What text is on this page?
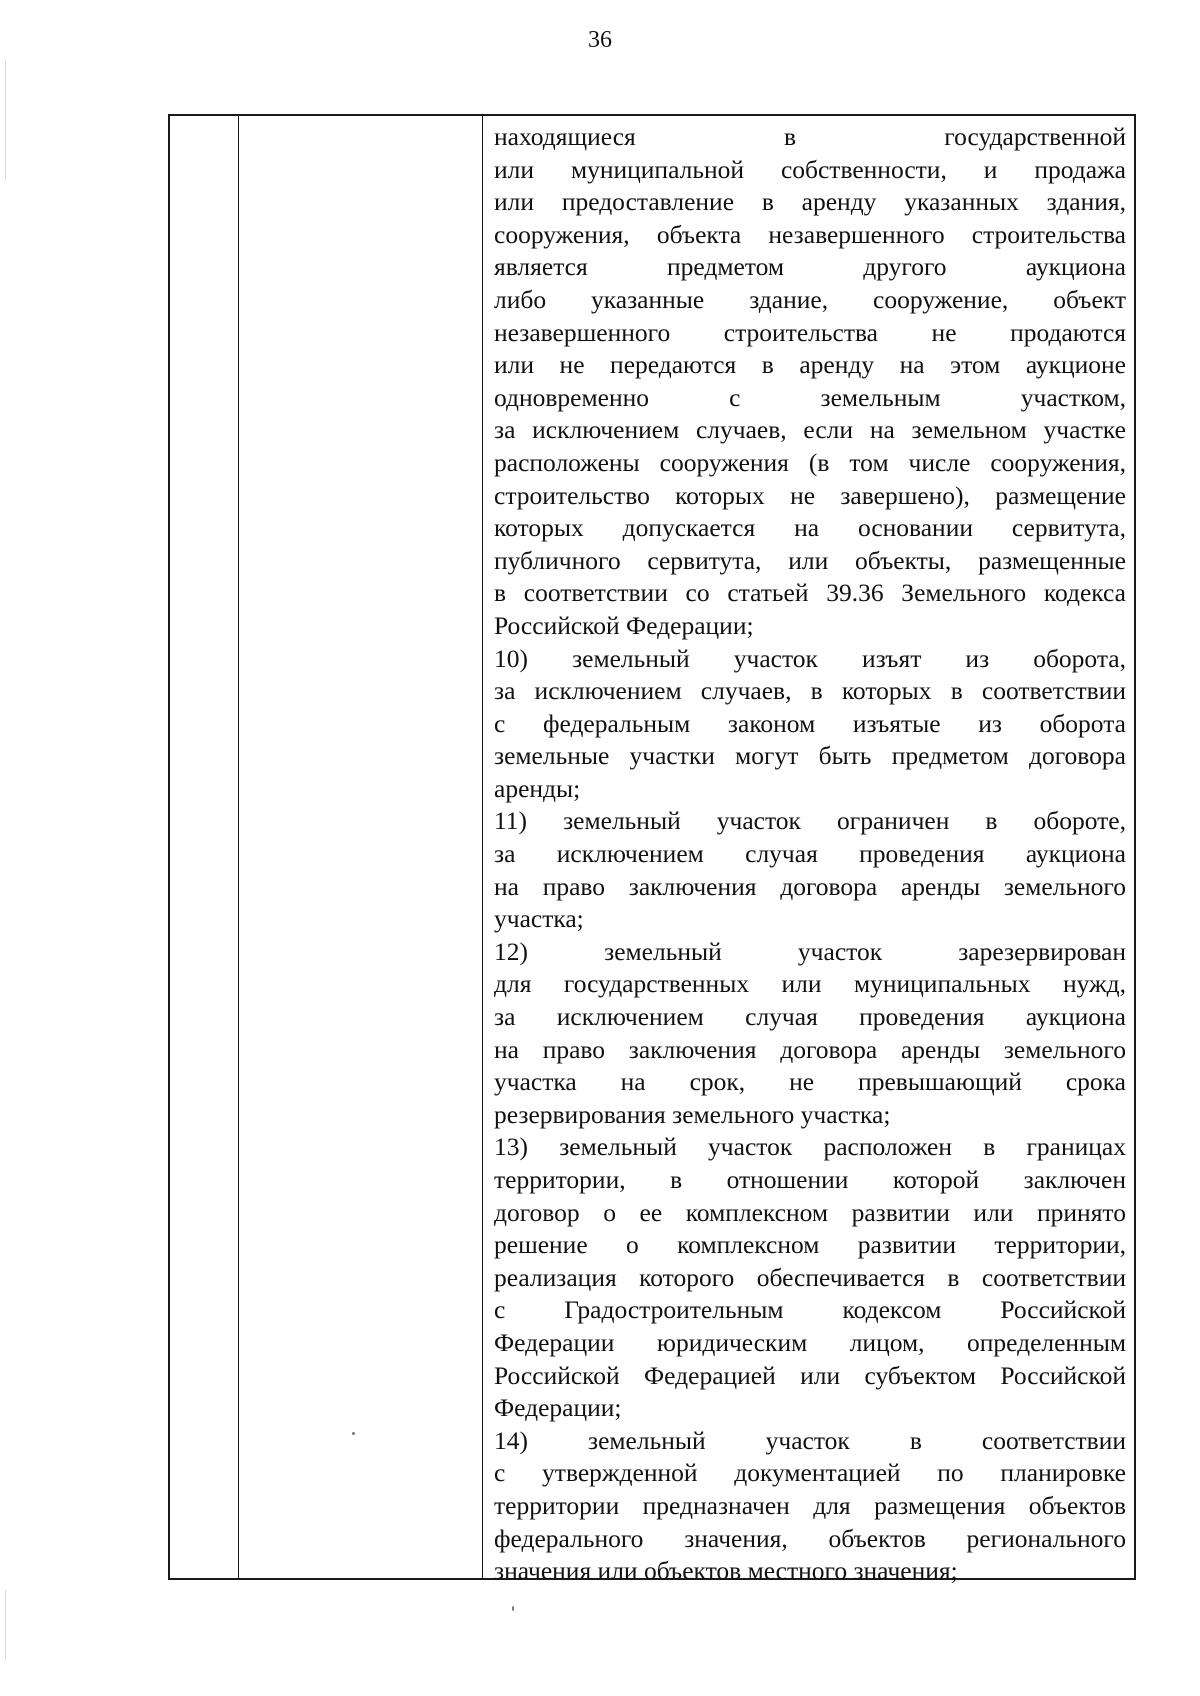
36
находящиеся в государственной
или муниципальной собственности, и продажа
или предоставление в аренду указанных здания,
сооружения, объекта незавершенного строительства
является предметом другого аукциона
либо указанные здание, сооружение, объект
незавершенного строительства не продаются
или не передаются в аренду на этом аукционе
одновременно с земельным участком,
за исключением случаев, если на земельном участке
расположены сооружения (в том числе сооружения,
строительство которых не завершено), размещение
которых допускается на основании сервитута,
публичного сервитута, или объекты, размещенные
в соответствии со статьей 39.36 Земельного кодекса
Российской Федерации;
10) земельный участок изъят из оборота,
за исключением случаев, в которых в соответствии
с федеральным законом изъятые из оборота
земельные участки могут быть предметом договора
аренды;
11) земельный участок ограничен в обороте,
за исключением случая проведения аукциона
на право заключения договора аренды земельного
участка;
12) земельный участок зарезервирован
для государственных или муниципальных нужд,
за исключением случая проведения аукциона
на право заключения договора аренды земельного
участка на срок, не превышающий срока
резервирования земельного участка;
13) земельный участок расположен в границах
территории, в отношении которой заключен
договор о ее комплексном развитии или принято
решение о комплексном развитии территории,
реализация которого обеспечивается в соответствии
с Градостроительным кодексом Российской
Федерации юридическим лицом, определенным
Российской Федерацией или субъектом Российской
Федерации;
14) земельный участок в соответствии
с утвержденной документацией по планировке
территории предназначен для размещения объектов
федерального значения, объектов регионального
значения или объектов местного значения;
